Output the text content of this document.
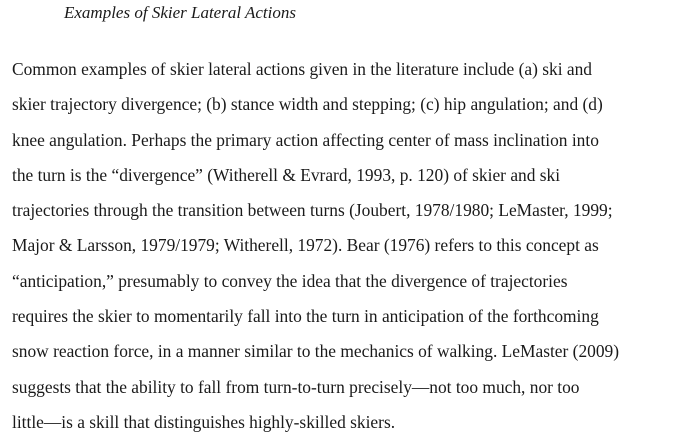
Examples of Skier Lateral Actions
Common examples of skier lateral actions given in the literature include (a) ski and
skier trajectory divergence; (b) stance width and stepping; (c) hip angulation; and (d)
knee angulation. Perhaps the primary action affecting center of mass inclination into
the turn is the “divergence” (Witherell & Evrard, 1993, p. 120) of skier and ski
trajectories through the transition between turns (Joubert, 1978/1980; LeMaster, 1999;
Major & Larsson, 1979/1979; Witherell, 1972). Bear (1976) refers to this concept as
“anticipation,” presumably to convey the idea that the divergence of trajectories
requires the skier to momentarily fall into the turn in anticipation of the forthcoming
snow reaction force, in a manner similar to the mechanics of walking. LeMaster (2009)
suggests that the ability to fall from turn-to-turn precisely—not too much, nor too
little—is a skill that distinguishes highly-skilled skiers.
